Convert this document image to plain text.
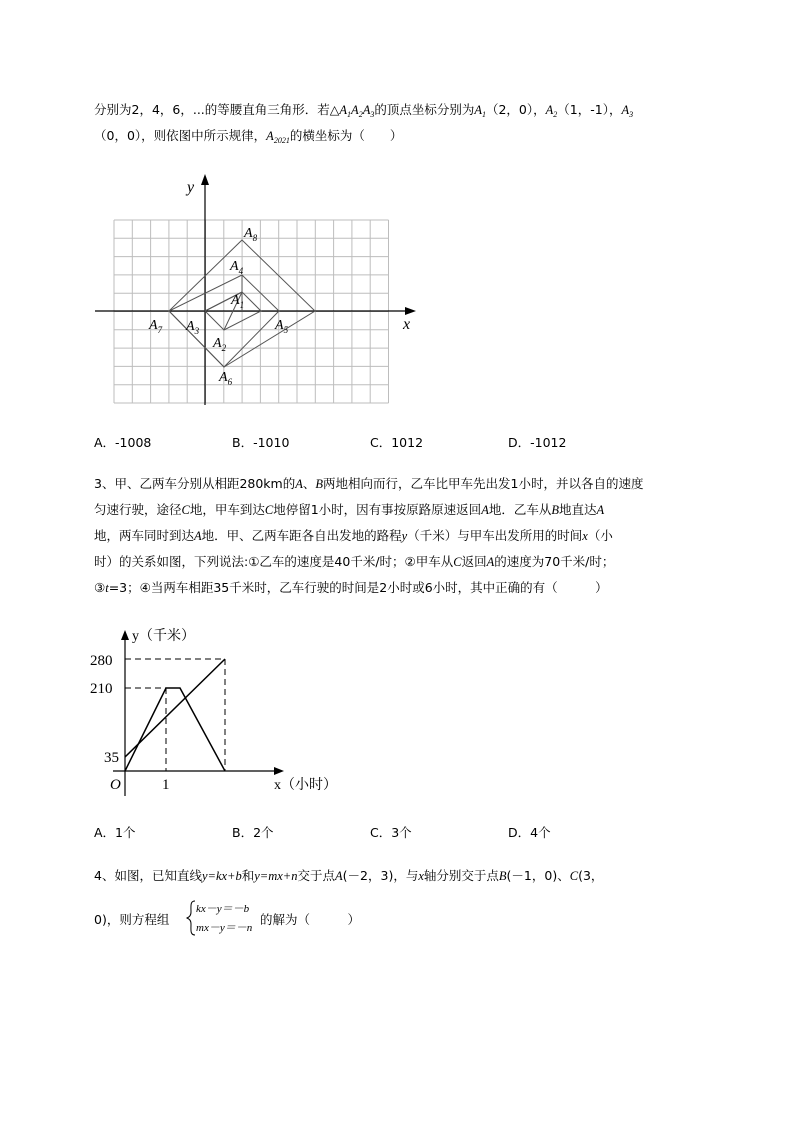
分别为2，4，6，...的等腰直角三角形．若$\triangle A_1A_2A_3$的顶点坐标分别为$A_1(2$，0），$A_2(1$，-1），$A_3$
（0，0），则依图中所示规律，$A_{2021}$的横坐标为（　　）
x
y
$A_8$
$A_4$
$A_1$
$A_7$ $A_3$	$A_5$
$A_2$
$A_6$
A．-1008	B．-1010	C．1012	D．-1012
3、甲、乙两车分别从相距280km的A、B两地相向而行，乙车比甲车先出发1小时，并以各自的速度
匀速行驶，途径C地，甲车到达C地停留1小时，因有事按原路原速返回A地．乙车从B地直达A
地，两车同时到达A地．甲、乙两车距各自出发地的路程y（千米）与甲车出发所用的时间x（小
时）的关系如图，下列说法:①乙车的速度是40千米/时；②甲车从C返回A的速度为70千米/时；
③t=3；④当两车相距35千米时，乙车行驶的时间是2小时或6小时，其中正确的有（　　　）
y（千米）
x（小时）
O
280
210
35
1
A．1个	B．2个	C．3个	D．4个
4、如图，已知直线y=kx+b和y=mx+n交于点A(－2，3)，与x轴分别交于点B(－1，0)、C(3，
0)，则方程组
kx－y＝－b
mx－y＝－n
的解为（　　　）
